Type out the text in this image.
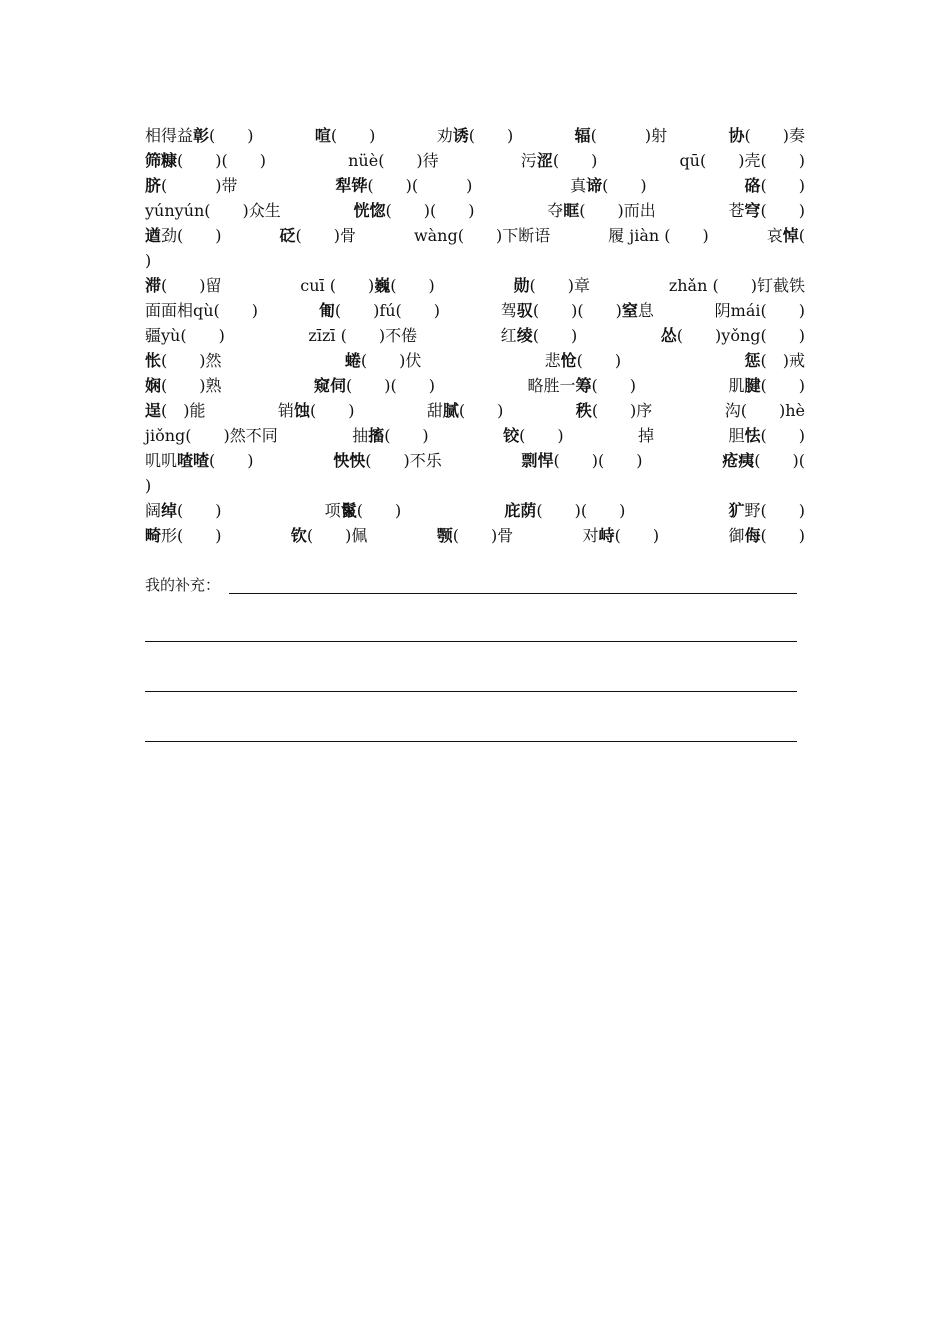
相得益彰(　　)	喧(　　)	劝诱(　　)	辐(　　　)射	协(　　)奏
筛糠(　　)(　　)	nüè(　　)待	污涩(　　)	qū(　　)壳(　　)
脐(　　　)带	犁铧(　　)(　　　)	真谛(　　)	硌(　　)
yúnyún(　　)众生	恍惚(　　)(　　)	夺眶(　　)而出	苍穹(　　)
遒劲(　　)	砭(　　)骨	wàng(　　)下断语	履 jiàn (　　)	哀悼(
)
滞(　　)留	cuī (　　)巍(　　)	勋(　　)章	zhǎn (　　)钉截铁
面面相qù(　　)	匍(　　)fú(　　)	驾驭(　　)(　　)窒息	阴máі(　　)
疆yù(　　)	zīzī (　　)不倦	红绫(　　)	怂(　　)yǒng(　　)
怅(　　)然	蜷(　　)伏	悲怆(　　)	惩(　)戒
娴(　　)熟	窥伺(　　)(　　)	略胜一筹(　　)	肌腱(　　)
逞(　)能	销蚀(　　)	甜腻(　　)	秩(　　)序	沟(　　)hè
jiǒng(　　)然不同	抽搐(　　)	铰(　　)	掉	胆怯(　　)
叽叽喳喳(　　)	怏怏(　　)不乐	剽悍(　　)(　　)	疮痍(　　)(
)
阔绰(　　)	项鬣(　　)	庇荫(　　)(　　)	犷野(　　)
畸形(　　)	钦(　　)佩	颚(　　)骨	对峙(　　)	御侮(　　)
我的补充：
